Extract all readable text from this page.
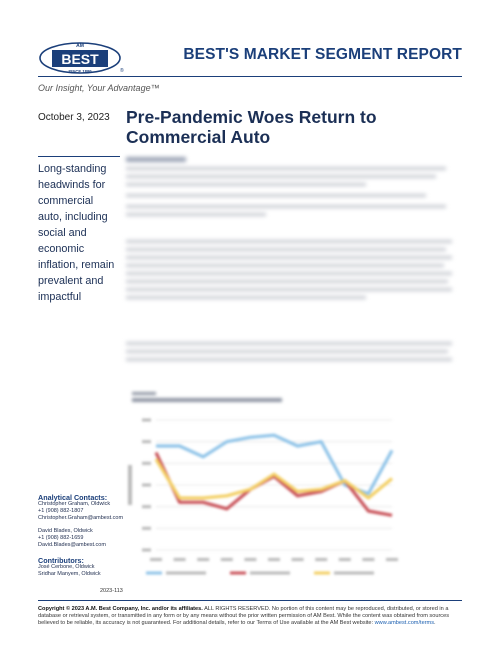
AM
BEST
SINCE 1899	®
BEST'S MARKET SEGMENT REPORT
Our Insight, Your Advantage™
October 3, 2023 Pre-Pandemic Woes Return to Commercial Auto
Long-standing headwinds for commercial auto, including social and economic inflation, remain prevalent and impactful
Analytical Contacts:
Christopher Graham, Oldwick
+1 (908) 882-1807
Christopher.Graham@ambest.com
David Blades, Oldwick
+1 (908) 882-1659
David.Blades@ambest.com
Contributors:
José Cerbone, Oldwick
Sridhar Manyem, Oldwick
2023-113
Copyright © 2023 A.M. Best Company, Inc. and/or its affiliates. ALL RIGHTS RESERVED. No portion of this content may be reproduced, distributed, or stored in a database or retrieval system, or transmitted in any form or by any means without the prior written permission of AM Best. While the content was obtained from sources believed to be reliable, its accuracy is not guaranteed. For additional details, refer to our Terms of Use available at the AM Best website: www.ambest.com/terms.
